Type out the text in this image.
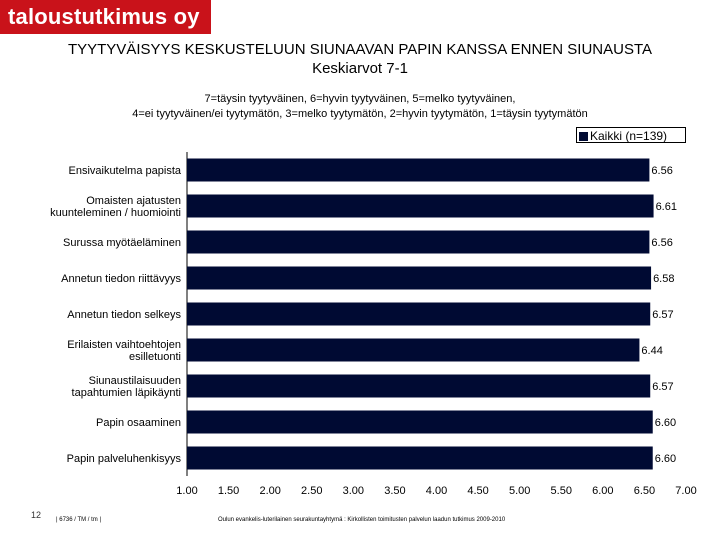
taloustutkimus oy
TYYTYVÄISYYS KESKUSTELUUN SIUNAAVAN PAPIN KANSSA ENNEN SIUNAUSTA
Keskiarvot 7-1
7=täysin tyytyväinen, 6=hyvin tyytyväinen, 5=melko tyytyväinen,
4=ei tyytyväinen/ei tyytymätön, 3=melko tyytymätön, 2=hyvin tyytymätön, 1=täysin tyytymätön
Kaikki (n=139)
6.56
Ensivaikutelma papista
6.61
Omaisten ajatusten
kuunteleminen / huomiointi
6.56
Surussa myötäeläminen
6.58
Annetun tiedon riittävyys
6.57
Annetun tiedon selkeys
6.44
Erilaisten vaihtoehtojen
esilletuonti
6.57
Siunaustilaisuuden
tapahtumien läpikäynti
6.60
Papin osaaminen
6.60
Papin palveluhenkisyys
1.00 1.50 2.00 2.50 3.00 3.50 4.00 4.50 5.00 5.50 6.00 6.50 7.00
12 | 6736 / TM / tm |	Oulun evankelis-luterilainen seurakuntayhtymä : Kirkollisten toimitusten palvelun laadun tutkimus 2009-2010
